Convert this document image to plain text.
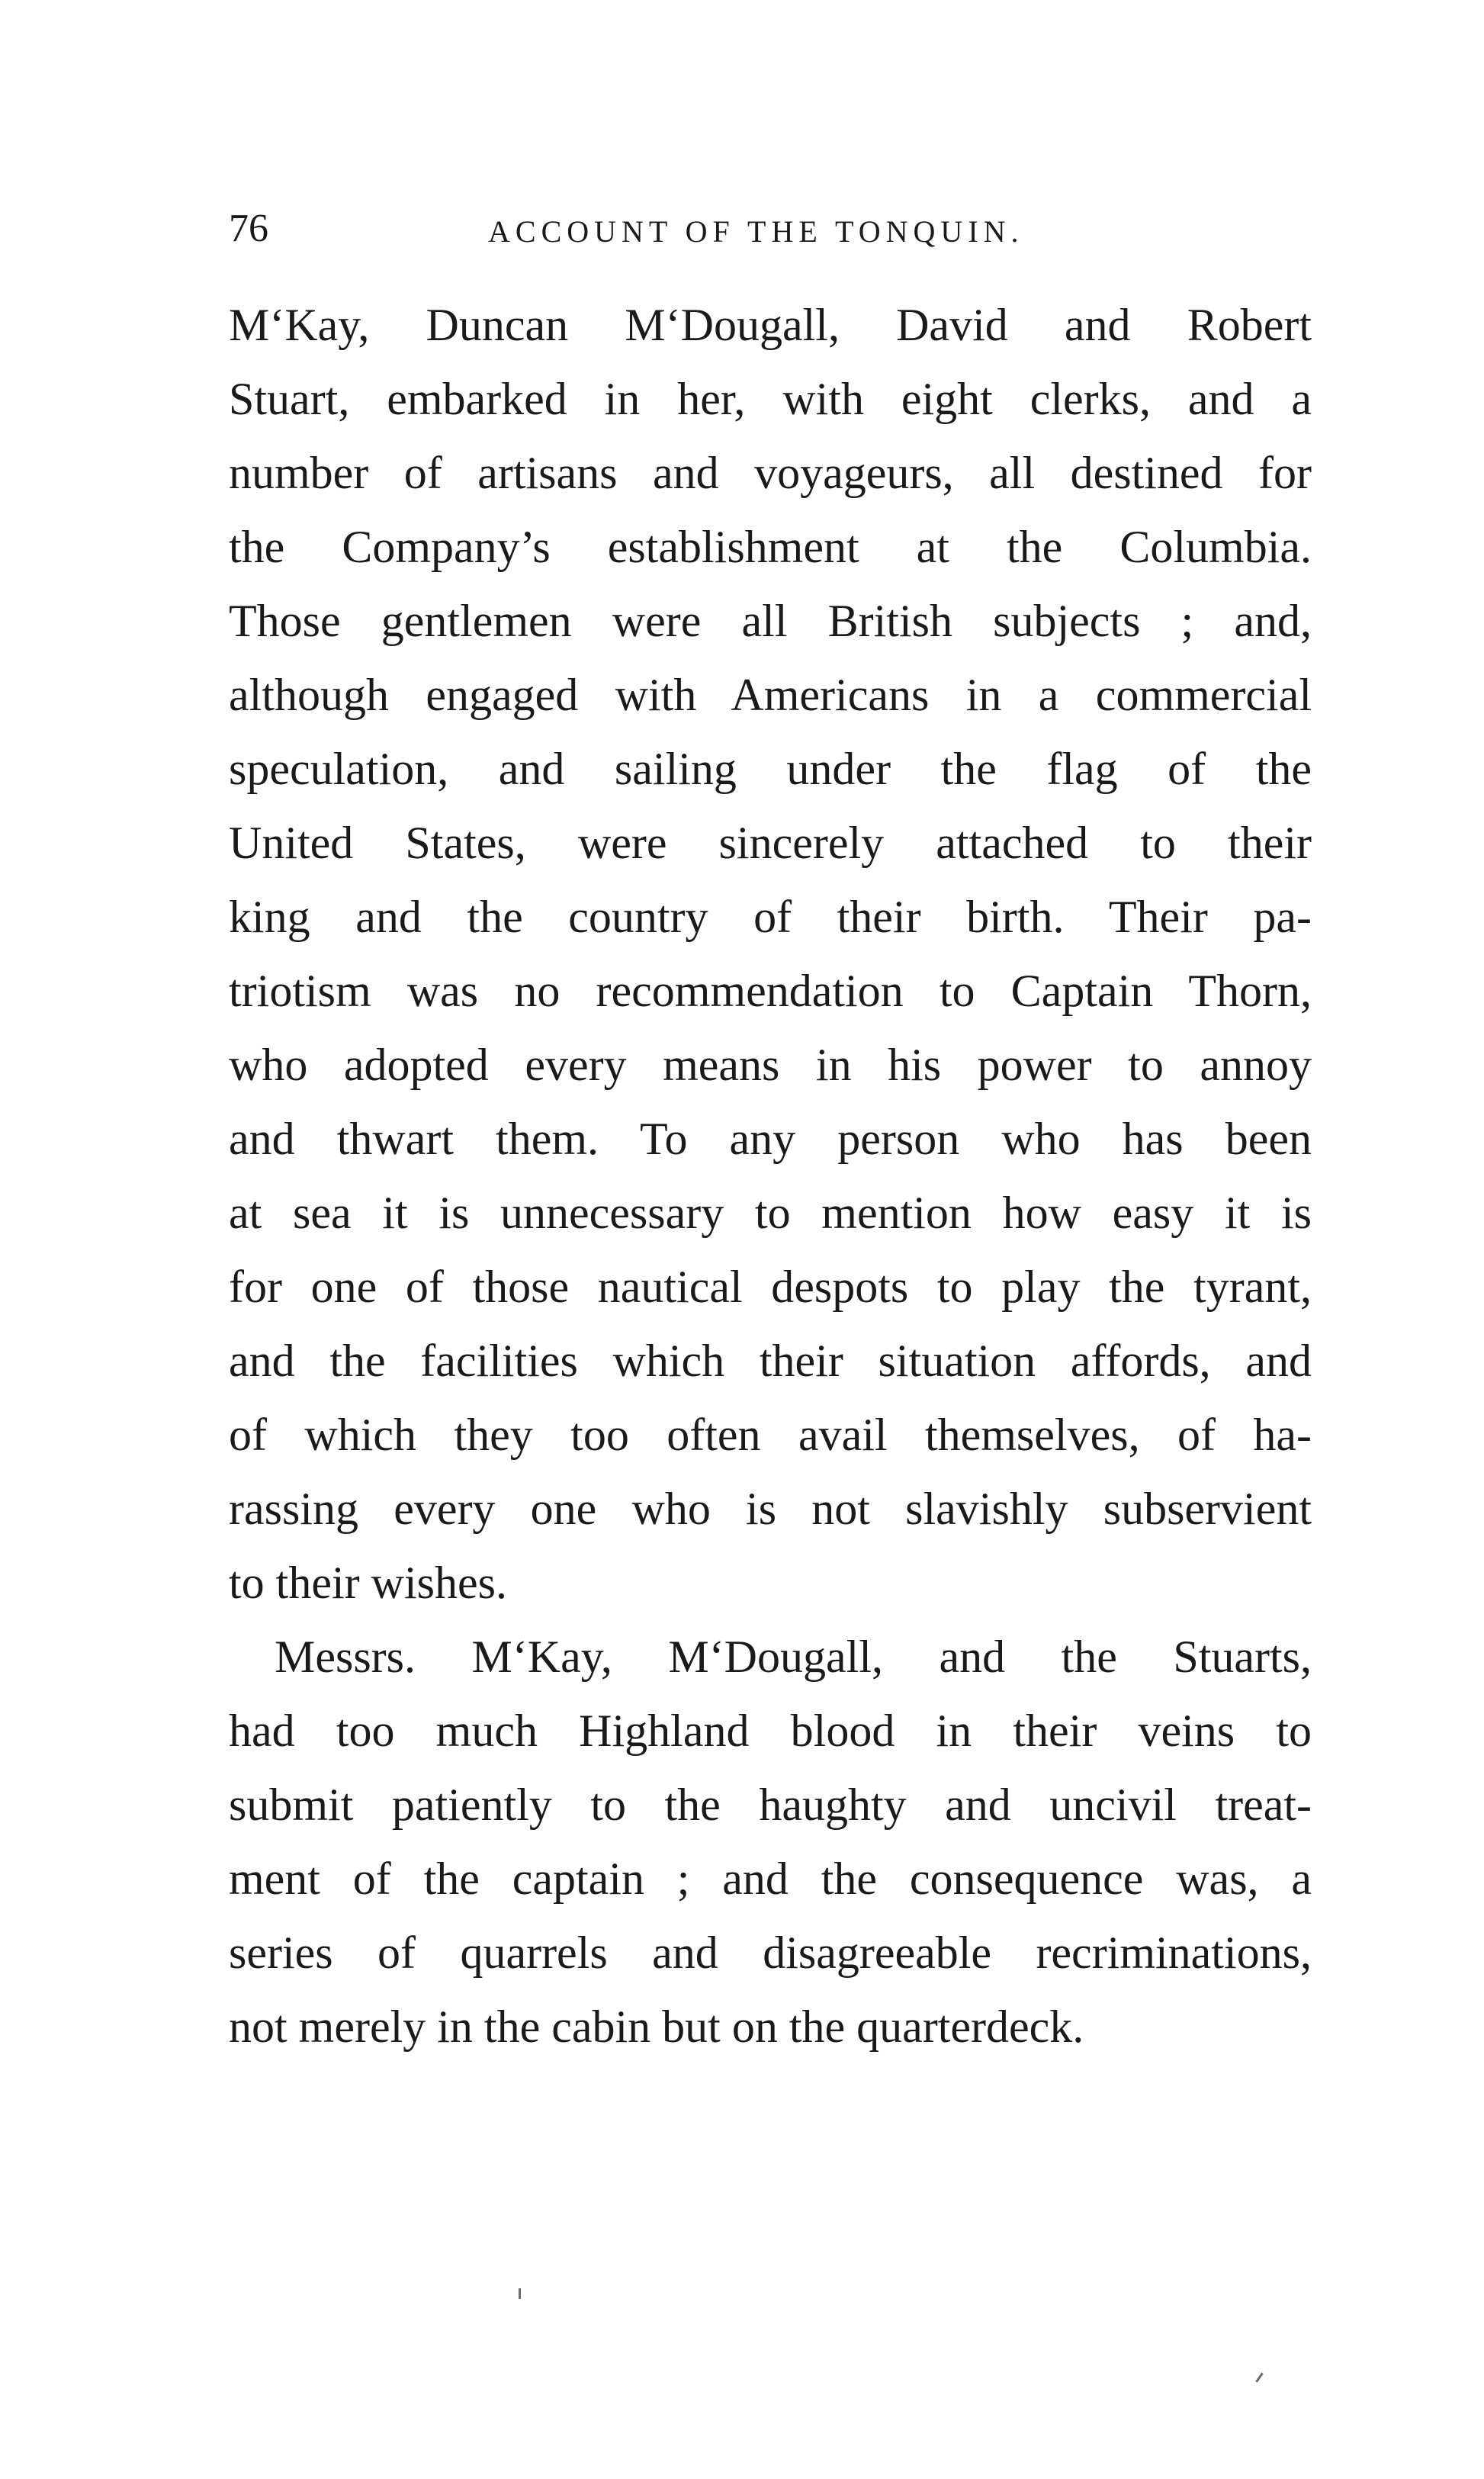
76	ACCOUNT OF THE TONQUIN.
M‘Kay, Duncan M‘Dougall, David and Robert
Stuart, embarked in her, with eight clerks, and a
number of artisans and voyageurs, all destined for
the Company’s establishment at the Columbia.
Those gentlemen were all British subjects ; and,
although engaged with Americans in a commercial
speculation, and sailing under the flag of the
United States, were sincerely attached to their
king and the country of their birth. Their pa-
triotism was no recommendation to Captain Thorn,
who adopted every means in his power to annoy
and thwart them. To any person who has been
at sea it is unnecessary to mention how easy it is
for one of those nautical despots to play the tyrant,
and the facilities which their situation affords, and
of which they too often avail themselves, of ha-
rassing every one who is not slavishly subservient
to their wishes.
Messrs. M‘Kay, M‘Dougall, and the Stuarts,
had too much Highland blood in their veins to
submit patiently to the haughty and uncivil treat-
ment of the captain ; and the consequence was, a
series of quarrels and disagreeable recriminations,
not merely in the cabin but on the quarterdeck.
